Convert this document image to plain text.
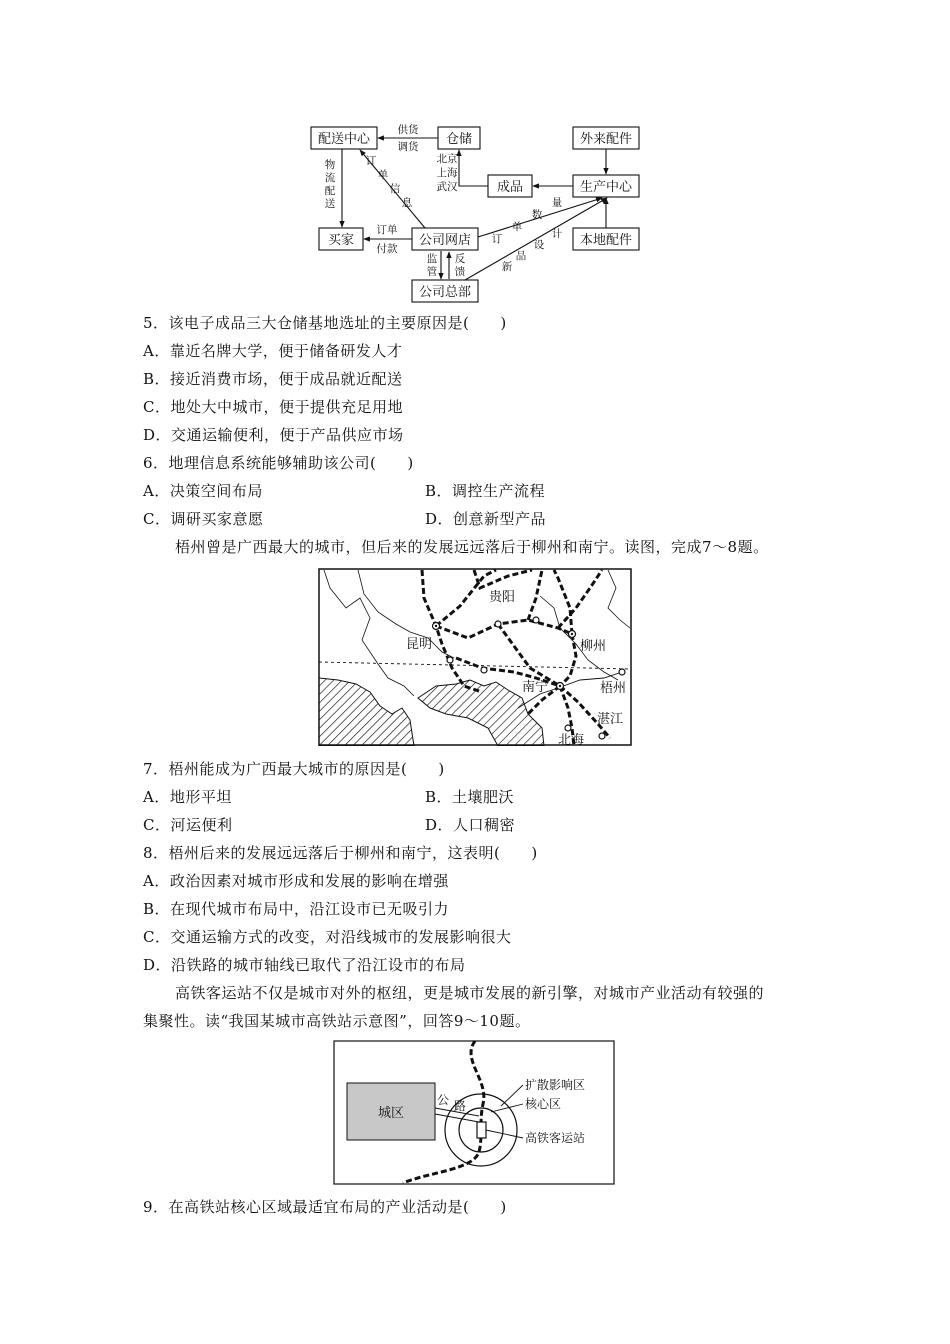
配送中心	仓储	外来配件
成品	生产中心
买家	公司网店	本地配件
公司总部
供货
调货
北京
上海
武汉
物
流
配
送
订
单
信
息
订单
付款
订
单
数
量
新
品
设
计
监
管
反
馈
5．该电子成品三大仓储基地选址的主要原因是(　　)
A．靠近名牌大学，便于储备研发人才
B．接近消费市场，便于成品就近配送
C．地处大中城市，便于提供充足用地
D．交通运输便利，便于产品供应市场
6．地理信息系统能够辅助该公司(　　)
A．决策空间布局	B．调控生产流程
C．调研买家意愿	D．创意新型产品
梧州曾是广西最大的城市，但后来的发展远远落后于柳州和南宁。读图，完成7～8题。
贵阳
昆明	柳州
南宁	梧州
湛江
北海
7．梧州能成为广西最大城市的原因是(　　)
A．地形平坦	B．土壤肥沃
C．河运便利	D．人口稠密
8．梧州后来的发展远远落后于柳州和南宁，这表明(　　)
A．政治因素对城市形成和发展的影响在增强
B．在现代城市布局中，沿江设市已无吸引力
C．交通运输方式的改变，对沿线城市的发展影响很大
D．沿铁路的城市轴线已取代了沿江设市的布局
高铁客运站不仅是城市对外的枢纽，更是城市发展的新引擎，对城市产业活动有较强的
集聚性。读“我国某城市高铁站示意图”，回答9～10题。
城区
公 路
扩散影响区
核心区
高铁客运站
9．在高铁站核心区域最适宜布局的产业活动是(　　)
